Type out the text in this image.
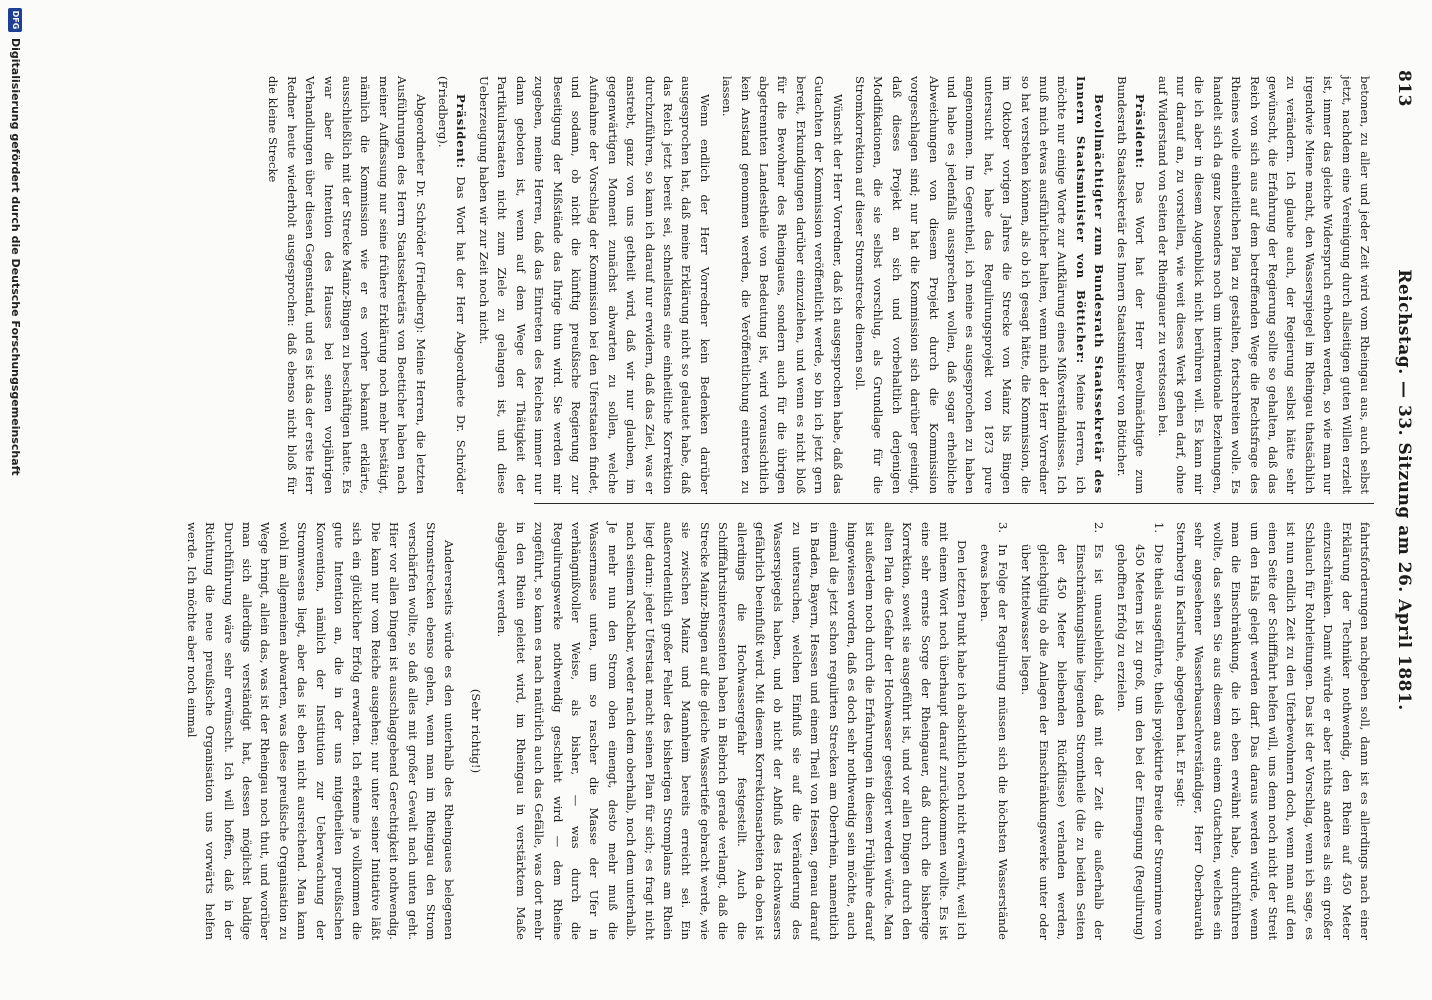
813
Reichstag. — 33. Sitzung am 26. April 1881.

betonen, zu aller und jeder Zeit wird vom Rheingau aus, auch selbst jetzt, nachdem eine Vereinigung durch allseitigen guten Willen erzielt ist, immer das gleiche Widerspruch erhoben werden, so wie man nur irgendwie Miene macht, den Wasserspiegel im Rheingau thatsächlich zu verändern. Ich glaube auch, der Regierung selbst hätte sehr gewünscht, die Erfahrung der Regierung sollte so gehalten, daß das Reich von sich aus auf dem betreffenden Wege die Rechtsfrage des Rheines wolle einheitlichen Plan zu gestalten, fortschreiten wolle. Es handelt sich da ganz besonders noch um internationale Beziehungen, die ich aber in diesem Augenblick nicht berühren will. Es kann mir nur darauf an, zu vorstellen, wie weit dieses Werk gehen darf, ohne auf Widerstand von Seiten der Rheingauer zu verstossen bei.

Präsident: Das Wort hat der Herr Bevollmächtigte zum Bundesrath Staatssekretär des Innern Staatsminister von Bötticher.

Bevollmächtigter zum Bundesrath Staatssekretär des Innern Staatsminister von Bötticher: Meine Herren, ich möchte nur einige Worte zur Aufklärung eines Mißverständnisses. Ich muß mich etwas ausführlicher halten, wenn mich der Herr Vorredner so hat verstehen können, als ob ich gesagt hätte, die Kommission, die im Oktober vorigen Jahres die Strecke von Mainz bis Bingen untersucht hat, habe das Regulirungsprojekt von 1873 pure angenommen. Im Gegentheil, ich meine es ausgesprochen zu haben und habe es jedenfalls aussprechen wollen, daß sogar erhebliche Abweichungen von diesem Projekt durch die Kommission vorgeschlagen sind; nur hat die Kommission sich darüber geeinigt, daß dieses Projekt an sich und vorbehaltlich derjenigen Modifikationen, die sie selbst vorschlug, als Grundlage für die Stromkorrektion auf dieser Stromstrecke dienen soll.

Wünscht der Herr Vorredner, daß ich ausgesprochen habe, daß das Gutachten der Kommission veröffentlicht werde, so bin ich jetzt gern bereit, Erkundigungen darüber einzuziehen, und wenn es nicht bloß für die Bewohner des Rheingaues, sondern auch für die übrigen abgetrennten Landestheile von Bedeutung ist, wird voraussichtlich kein Anstand genommen werden, die Veröffentlichung eintreten zu lassen.

Wenn endlich der Herr Vorredner kein Bedenken darüber ausgesprochen hat, daß meine Erklärung nicht so gelautet habe, daß das Reich jetzt bereit sei, schnellstens eine einheitliche Korrektion durchzuführen, so kann ich darauf nur erwidern, daß das Ziel, was er anstrebt, ganz von uns getheilt wird, daß wir nur glauben, im gegenwärtigen Moment zunächst abwarten zu sollen, welche Aufnahme der Vorschlag der Kommission bei den Uferstaaten findet, und sodann, ob nicht die künftig preußische Regierung zur Beseitigung der Mißstände das Ihrige thun wird. Sie werden mir zugeben, meine Herren, daß das Eintreten des Reiches immer nur dann geboten ist, wenn auf dem Wege der Thätigkeit der Partikularstaaten nicht zum Ziele zu gelangen ist, und diese Ueberzeugung haben wir zur Zeit noch nicht.

Präsident: Das Wort hat der Herr Abgeordnete Dr. Schröder (Friedberg).

Abgeordneter Dr. Schröder (Friedberg): Meine Herren, die letzten Ausführungen des Herrn Staatssekretärs von Boetticher haben nach meiner Auffassung nur seine frühere Erklärung noch mehr bestätigt, nämlich die Kommission wie er es vorher bekannt erklärte, ausschließlich mit der Strecke Mainz-Bingen zu beschäftigen hatte. Es war aber die Intention des Hauses bei seinen vorjährigen Verhandlungen über diesen Gegenstand, und es ist das der erste Herr Redner heute wiederholt ausgesprochen: daß ebenso nicht bloß für die kleine Strecke

fahrtsforderungen nachgeben soll, dann ist es allerdings nach einer Erklärung der Techniker nothwendig, den Rhein auf 450 Meter einzuschränken. Damit würde er aber nichts anderes als ein großer Schlauch für Rohrleitungen. Das ist der Vorschlag, wenn ich sage, es ist nun endlich Zeit zu den Uferbewohnern doch, wenn man auf den einen Seite der Schifffahrt helfen will, uns denn noch nicht der Streit um den Hals gelegt werden darf. Das daraus werden würde, wenn man die Einschränkung, die ich eben erwähnt habe, durchführen wollte, das sehen Sie aus diesem aus einem Gutachten, welches ein sehr angesehener Wasserbausachverständiger, Herr Oberbaurath Sternberg in Karlsruhe, abgegeben hat. Er sagt:

1.Die theils ausgeführte, theils projektirte Breite der Stromrinne von 450 Metern ist zu groß, um den bei der Einengung (Regulirung) gehofften Erfolg zu erzielen.

2.Es ist unausbleiblich, daß mit der Zeit die außerhalb der Einschränkungslinie liegenden Stromtheile (die zu beiden Seiten der 450 Meter bleibenden Rückflüsse) verlanden werden, gleichgültig ob die Anlagen der Einschränkungswerke unter oder über Mittelwasser liegen.

3.In Folge der Regulirung müssen sich die höchsten Wasserstände etwas heben.

Den letzten Punkt habe ich absichtlich noch nicht erwähnt, weil ich mit einem Wort noch überhaupt darauf zurückkommen wollte. Es ist eine sehr ernste Sorge der Rheingauer, daß durch die bisherige Korrektion, soweit sie ausgeführt ist, und vor allen Dingen durch den alten Plan die Gefahr der Hochwasser gesteigert werden würde. Man ist außerdem noch durch die Erfahrungen in diesem Frühjahre darauf hingewiesen worden, daß es doch sehr nothwendig sein möchte, auch einmal die jetzt schon regulirten Strecken am Oberrhein, namentlich in Baden, Bayern, Hessen und einem Theil von Hessen, genau darauf zu untersuchen, welchen Einfluß sie auf die Veränderung des Wasserspiegels haben, und ob nicht der Abfluß des Hochwassers gefährlich beeinflußt wird. Mit diesem Korrektionsarbeiten da oben ist allerdings die Hochwassergefahr festgestellt. Auch die Schifffahrtsinteressenten haben in Biebrich gerade verlangt, daß die Strecke Mainz-Bingen auf die gleiche Wassertiefe gebracht werde, wie sie zwischen Mainz und Mannheim bereits erreicht sei. Ein außerordentlich großer Fehler des bisherigen Stromplans am Rhein liegt darin: jeder Uferstaat macht seinen Plan für sich; es fragt nicht nach seinem Nachbar, weder nach dem oberhalb, noch dem unterhalb. Je mehr nun den Strom oben einengt, desto mehr muß die Wassermasse unten, um so rascher die Masse der Ufer in verhängnißvoller Weise, als bisher, — was durch die Regulirungswerke nothwendig geschieht wird — dem Rheine zugeführt, so kann es nach natürlich auch das Gefälle, was dort mehr in den Rhein geleitet wird, im Rheingau in verstärktem Maße abgelagert werden.

(Sehr richtig!)

Andererseits würde es den unterhalb des Rheingaues belegenen Stromstrecken ebenso gehen, wenn man im Rheingau den Strom verschärfen wollte, so daß alles mit großer Gewalt nach unten geht. Hier vor allen Dingen ist ausschlaggebend Gerechtigkeit nothwendig. Die kann nur vom Reiche ausgehen; nur unter seiner Initiative läßt sich ein glücklicher Erfolg erwarten. Ich erkenne ja vollkommen die gute Intention an, die in der uns mitgetheilten preußischen Konvention, nämlich der Institution zur Ueberwachung der Stromwesens liegt, aber das ist eben nicht ausreichend. Man kann wohl im allgemeinen abwarten, was diese preußische Organisation zu Wege bringt, allein das, was ist der Rheingau noch thut, und worüber man sich allerdings verständigt hat, dessen möglichst baldige Durchführung wäre sehr erwünscht. Ich will hoffen, daß in der Richtung die neue preußische Organisation uns vorwärts helfen werde. Ich möchte aber noch einmal

DFG
Digitalisierung gefördert durch die Deutsche Forschungsgemeinschaft
